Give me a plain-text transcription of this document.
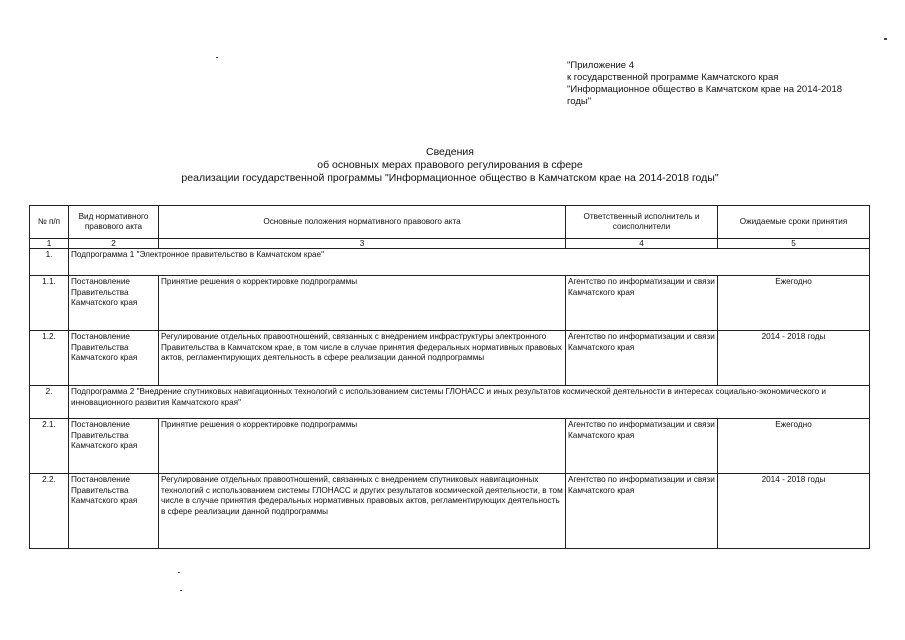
"Приложение 4
к государственной программе Камчатского края
"Информационное общество в Камчатском крае на 2014-2018
годы"
Сведения
об основных мерах правового регулирования в сфере
реализации государственной программы "Информационное общество в Камчатском крае на 2014-2018 годы"
№ п/п	Вид нормативного правового акта	Основные положения нормативного правового акта	Ответственный исполнитель и соисполнители	Ожидаемые сроки принятия
1	2	3	4	5
1.	Подпрограмма 1 "Электронное правительство в Камчатском крае"			
1.1.	Постановление Правительства Камчатского края	Принятие решения о корректировке подпрограммы	Агентство по информатизации и связи Камчатского края	Ежегодно
1.2.	Постановление Правительства Камчатского края	Регулирование отдельных правоотношений, связанных с внедрением инфраструктуры электронного Правительства в Камчатском крае, в том числе в случае принятия федеральных нормативных правовых актов, регламентирующих деятельность в сфере реализации данной подпрограммы	Агентство по информатизации и связи Камчатского края	2014 - 2018 годы
2.	Подпрограмма 2 "Внедрение спутниковых навигационных технологий с использованием системы ГЛОНАСС и иных результатов космической деятельности в интересах социально-экономического и инновационного развития Камчатского края"			
2.1.	Постановление Правительства Камчатского края	Принятие решения о корректировке подпрограммы	Агентство по информатизации и связи Камчатского края	Ежегодно
2.2.	Постановление Правительства Камчатского края	Регулирование отдельных правоотношений, связанных с внедрением спутниковых навигационных технологий с использованием системы ГЛОНАСС и других результатов космической деятельности, в том числе в случае принятия федеральных нормативных правовых актов, регламентирующих деятельность в сфере реализации данной подпрограммы	Агентство по информатизации и связи Камчатского края	2014 - 2018 годы
